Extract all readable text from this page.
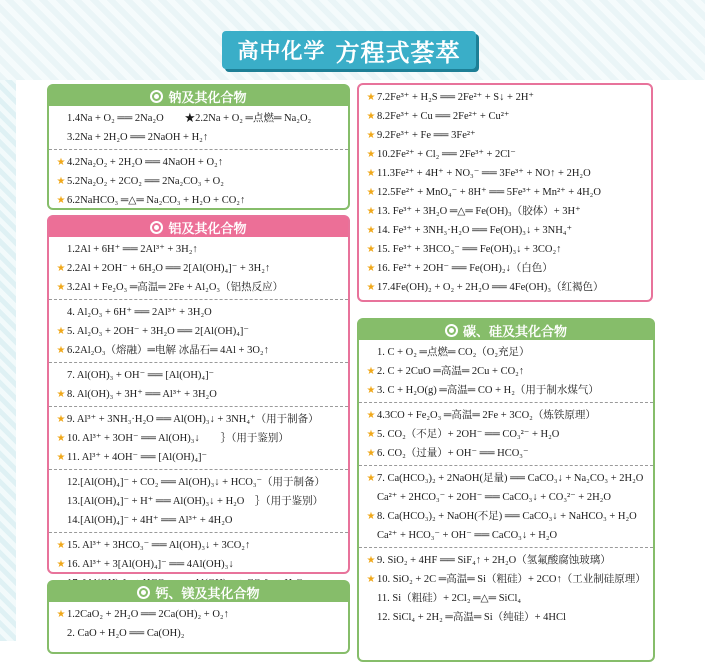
高中化学 方程式荟萃
钠及其化合物
1.4Na + O₂ ══ 2Na₂O　　★2.2Na + O₂ ═点燃═ Na₂O₂
3.2Na + 2H₂O ══ 2NaOH + H₂↑
★ 4.2Na₂O₂ + 2H₂O ══ 4NaOH + O₂↑
★ 5.2Na₂O₂ + 2CO₂ ══ 2Na₂CO₃ + O₂
★ 6.2NaHCO₃ ═△═ Na₂CO₃ + H₂O + CO₂↑
铝及其化合物
1.2Al + 6H⁺ ══ 2Al³⁺ + 3H₂↑
★ 2.2Al + 2OH⁻ + 6H₂O ══ 2[Al(OH)₄]⁻ + 3H₂↑
★ 3.2Al + Fe₂O₃ ═高温═ 2Fe + Al₂O₃（铝热反应）
4. Al₂O₃ + 6H⁺ ══ 2Al³⁺ + 3H₂O
★ 5. Al₂O₃ + 2OH⁻ + 3H₂O ══ 2[Al(OH)₄]⁻
★ 6.2Al₂O₃（熔融）═电解 冰晶石═ 4Al + 3O₂↑
7. Al(OH)₃ + OH⁻ ══ [Al(OH)₄]⁻
★ 8. Al(OH)₃ + 3H⁺ ══ Al³⁺ + 3H₂O
★ 9. Al³⁺ + 3NH₃·H₂O ══ Al(OH)₃↓ + 3NH₄⁺（用于制备）
★ 10. Al³⁺ + 3OH⁻ ══ Al(OH)₃↓　　｝（用于鉴别）
★ 11. Al³⁺ + 4OH⁻ ══ [Al(OH)₄]⁻
12.[Al(OH)₄]⁻ + CO₂ ══ Al(OH)₃↓ + HCO₃⁻（用于制备）
13.[Al(OH)₄]⁻ + H⁺ ══ Al(OH)₃↓ + H₂O　｝（用于鉴别）
14.[Al(OH)₄]⁻ + 4H⁺ ══ Al³⁺ + 4H₂O
★ 15. Al³⁺ + 3HCO₃⁻ ══ Al(OH)₃↓ + 3CO₂↑
★ 16. Al³⁺ + 3[Al(OH)₄]⁻ ══ 4Al(OH)₃↓
钙、镁及其化合物
★ 1.2CaO₂ + 2H₂O ══ 2Ca(OH)₂ + O₂↑
2. CaO + H₂O ══ Ca(OH)₂
★ 7.2Fe³⁺ + H₂S ══ 2Fe²⁺ + S↓ + 2H⁺
★ 8.2Fe³⁺ + Cu ══ 2Fe²⁺ + Cu²⁺
★ 9.2Fe³⁺ + Fe ══ 3Fe²⁺
★ 10.2Fe²⁺ + Cl₂ ══ 2Fe³⁺ + 2Cl⁻
★ 11.3Fe²⁺ + 4H⁺ + NO₃⁻ ══ 3Fe³⁺ + NO↑ + 2H₂O
★ 12.5Fe²⁺ + MnO₄⁻ + 8H⁺ ══ 5Fe³⁺ + Mn²⁺ + 4H₂O
★ 13. Fe³⁺ + 3H₂O ═△═ Fe(OH)₃（胶体）+ 3H⁺
★ 14. Fe³⁺ + 3NH₃·H₂O ══ Fe(OH)₃↓ + 3NH₄⁺
★ 15. Fe³⁺ + 3HCO₃⁻ ══ Fe(OH)₃↓ + 3CO₂↑
★ 16. Fe²⁺ + 2OH⁻ ══ Fe(OH)₂↓（白色）
★ 17.4Fe(OH)₂ + O₂ + 2H₂O ══ 4Fe(OH)₃（红褐色）
碳、硅及其化合物
1. C + O₂ ═点燃═ CO₂（O₂充足）
★ 2. C + 2CuO ═高温═ 2Cu + CO₂↑
★ 3. C + H₂O(g) ═高温═ CO + H₂（用于制水煤气）
★ 4.3CO + Fe₂O₃ ═高温═ 2Fe + 3CO₂（炼铁原理）
★ 5. CO₂（不足）+ 2OH⁻ ══ CO₃²⁻ + H₂O
★ 6. CO₂（过量）+ OH⁻ ══ HCO₃⁻
★ 7. Ca(HCO₃)₂ + 2NaOH(足量) ══ CaCO₃↓ + Na₂CO₃ + 2H₂O
Ca²⁺ + 2HCO₃⁻ + 2OH⁻ ══ CaCO₃↓ + CO₃²⁻ + 2H₂O
★ 8. Ca(HCO₃)₂ + NaOH(不足) ══ CaCO₃↓ + NaHCO₃ + H₂O
Ca²⁺ + HCO₃⁻ + OH⁻ ══ CaCO₃↓ + H₂O
★ 9. SiO₂ + 4HF ══ SiF₄↑ + 2H₂O（氢氟酸腐蚀玻璃）
★ 10. SiO₂ + 2C ═高温═ Si（粗硅）+ 2CO↑（工业制硅原理）
11. Si（粗硅）+ 2Cl₂ ═△═ SiCl₄
12. SiCl₄ + 2H₂ ═高温═ Si（纯硅）+ 4HCl
